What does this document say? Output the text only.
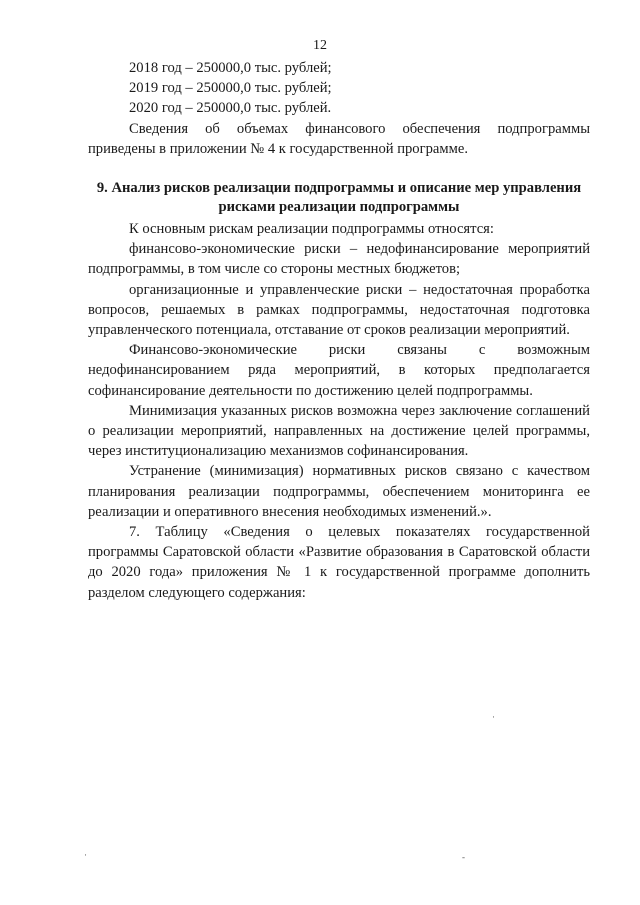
12

2018 год – 250000,0 тыс. рублей;

2019 год – 250000,0 тыс. рублей;

2020 год – 250000,0 тыс. рублей.

Сведения об объемах финансового обеспечения подпрограммы приведены в приложении № 4 к государственной программе.

9. Анализ рисков реализации подпрограммы и описание мер управления рисками реализации подпрограммы

К основным рискам реализации подпрограммы относятся:

финансово-экономические риски – недофинансирование мероприятий подпрограммы, в том числе со стороны местных бюджетов;

организационные и управленческие риски – недостаточная проработка вопросов, решаемых в рамках подпрограммы, недостаточная подготовка управленческого потенциала, отставание от сроков реализации мероприятий.

Финансово-экономические риски связаны с возможным недофинансированием ряда мероприятий, в которых предполагается софинансирование деятельности по достижению целей подпрограммы.

Минимизация указанных рисков возможна через заключение соглашений о реализации мероприятий, направленных на достижение целей программы, через институционализацию механизмов софинансирования.

Устранение (минимизация) нормативных рисков связано с качеством планирования реализации подпрограммы, обеспечением мониторинга ее реализации и оперативного внесения необходимых изменений.».

7. Таблицу «Сведения о целевых показателях государственной программы Саратовской области «Развитие образования в Саратовской области до 2020 года» приложения № 1 к государственной программе дополнить разделом следующего содержания:

·	-
·
